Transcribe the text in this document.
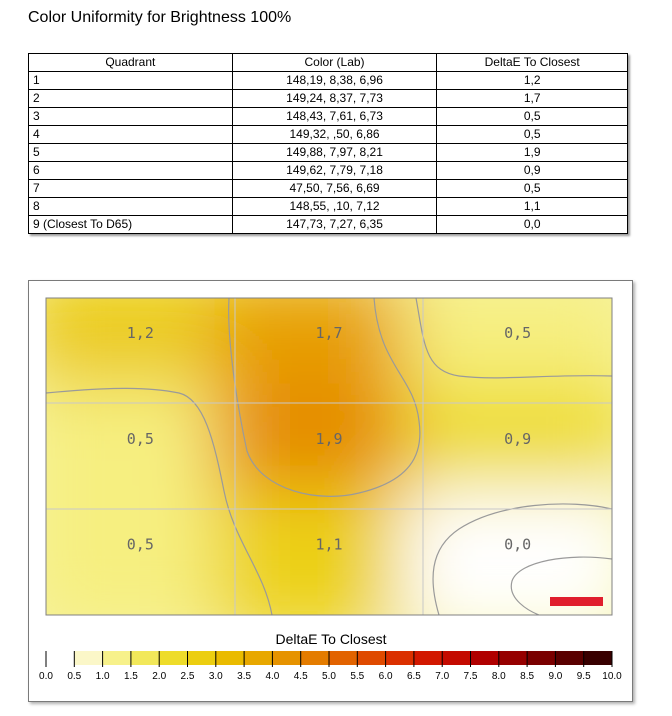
Color Uniformity for Brightness 100%
Quadrant	Color (Lab)	DeltaE To Closest
1	148,19, 8,38, 6,96	1,2
2	149,24, 8,37, 7,73	1,7
3	148,43, 7,61, 6,73	0,5
4	149,32, ,50, 6,86	0,5
5	149,88, 7,97, 8,21	1,9
6	149,62, 7,79, 7,18	0,9
7	47,50, 7,56, 6,69	0,5
8	148,55, ,10, 7,12	1,1
9 (Closest To D65)	147,73, 7,27, 6,35	0,0
1,2	1,7	0,5
0,5	1,9	0,9
0,5	1,1	0,0
DeltaE To Closest
0.0 0.5 1.0 1.5 2.0 2.5 3.0 3.5 4.0 4.5 5.0 5.5 6.0 6.5 7.0 7.5 8.0 8.5 9.0 9.5 10.0
